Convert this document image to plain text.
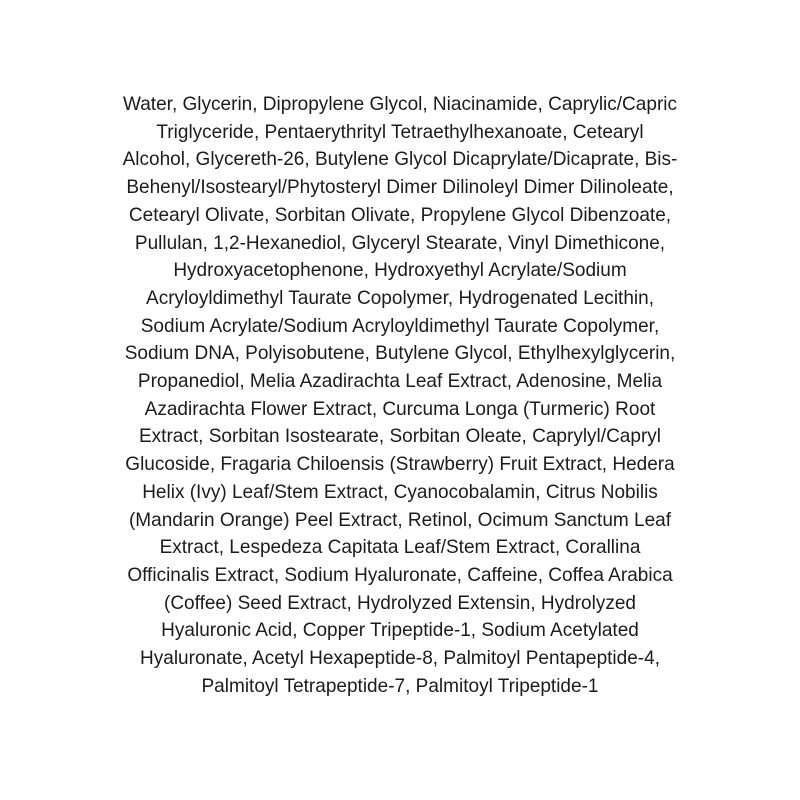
Water, Glycerin, Dipropylene Glycol, Niacinamide, Caprylic/Capric
Triglyceride, Pentaerythrityl Tetraethylhexanoate, Cetearyl
Alcohol, Glycereth-26, Butylene Glycol Dicaprylate/Dicaprate, Bis-
Behenyl/Isostearyl/Phytosteryl Dimer Dilinoleyl Dimer Dilinoleate,
Cetearyl Olivate, Sorbitan Olivate, Propylene Glycol Dibenzoate,
Pullulan, 1,2-Hexanediol, Glyceryl Stearate, Vinyl Dimethicone,
Hydroxyacetophenone, Hydroxyethyl Acrylate/Sodium
Acryloyldimethyl Taurate Copolymer, Hydrogenated Lecithin,
Sodium Acrylate/Sodium Acryloyldimethyl Taurate Copolymer,
Sodium DNA, Polyisobutene, Butylene Glycol, Ethylhexylglycerin,
Propanediol, Melia Azadirachta Leaf Extract, Adenosine, Melia
Azadirachta Flower Extract, Curcuma Longa (Turmeric) Root
Extract, Sorbitan Isostearate, Sorbitan Oleate, Caprylyl/Capryl
Glucoside, Fragaria Chiloensis (Strawberry) Fruit Extract, Hedera
Helix (Ivy) Leaf/Stem Extract, Cyanocobalamin, Citrus Nobilis
(Mandarin Orange) Peel Extract, Retinol, Ocimum Sanctum Leaf
Extract, Lespedeza Capitata Leaf/Stem Extract, Corallina
Officinalis Extract, Sodium Hyaluronate, Caffeine, Coffea Arabica
(Coffee) Seed Extract, Hydrolyzed Extensin, Hydrolyzed
Hyaluronic Acid, Copper Tripeptide-1, Sodium Acetylated
Hyaluronate, Acetyl Hexapeptide-8, Palmitoyl Pentapeptide-4,
Palmitoyl Tetrapeptide-7, Palmitoyl Tripeptide-1
